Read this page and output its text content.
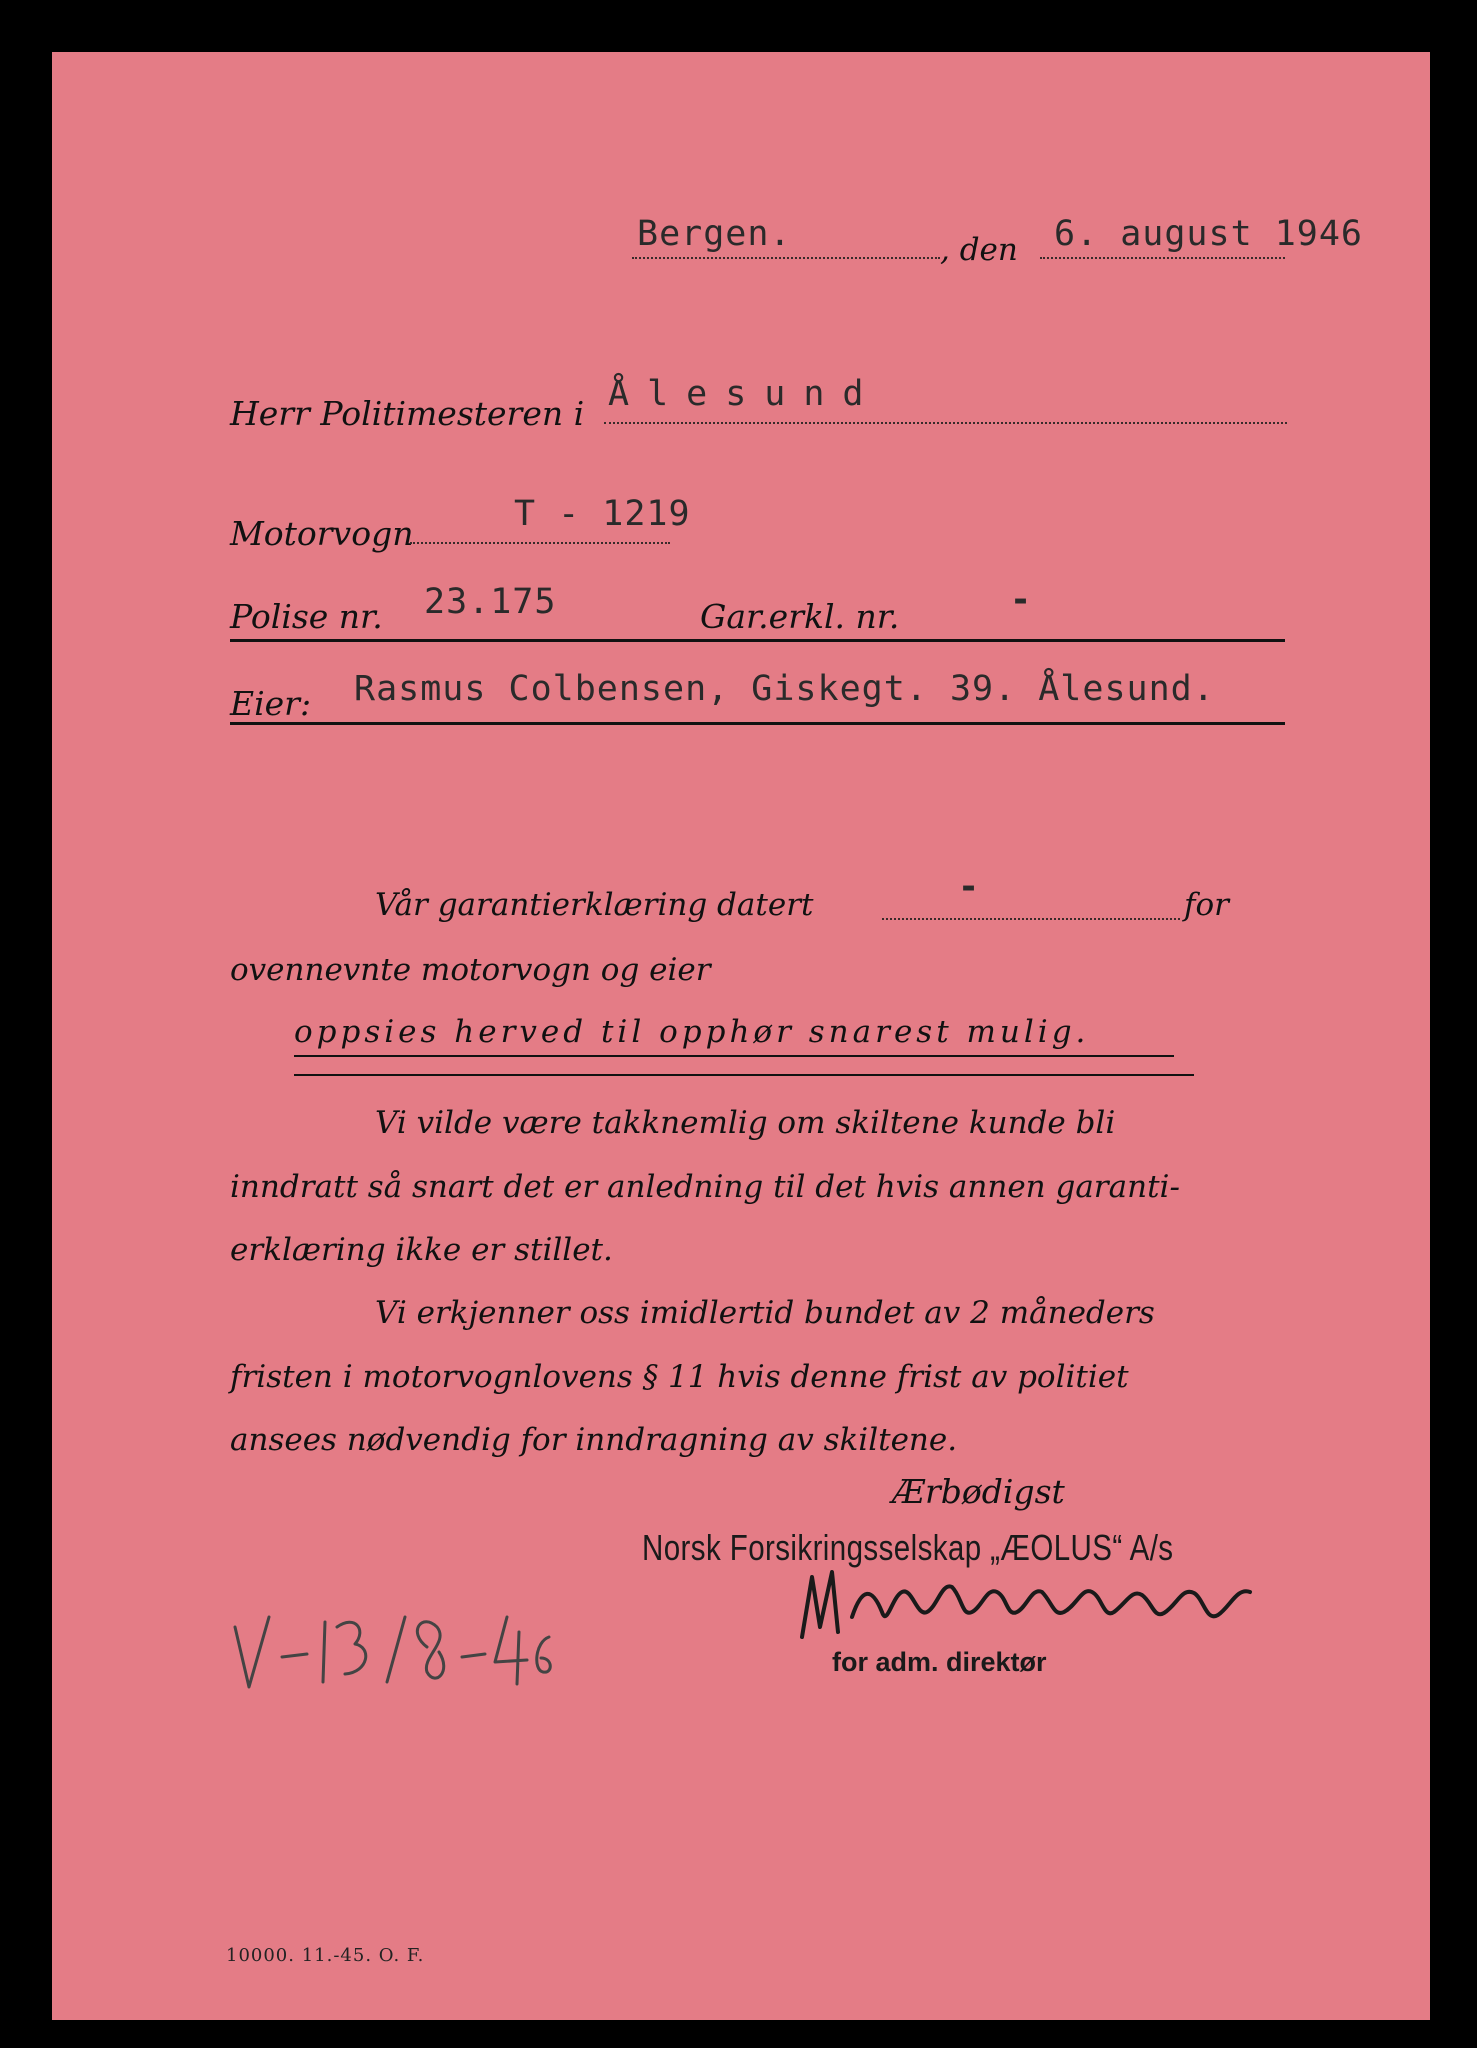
Bergen.	, den 6. august 1946
Herr Politimesteren i Ålesund
Motorvogn	T - 1219
Polise nr. 23.175	Gar.erkl. nr.	-
Eier: Rasmus Colbensen, Giskegt. 39. Ålesund.
Vår garantierklæring datert	-	for
ovennevnte motorvogn og eier
oppsies herved til opphør snarest mulig.
Vi vilde være takknemlig om skiltene kunde bli
inndratt så snart det er anledning til det hvis annen garanti-
erklæring ikke er stillet.
Vi erkjenner oss imidlertid bundet av 2 måneders
fristen i motorvognlovens § 11 hvis denne frist av politiet
ansees nødvendig for inndragning av skiltene.
Ærbødigst
Norsk Forsikringsselskap „ÆOLUS“ A/s
for adm. direktør
10000. 11.-45. O. F.
